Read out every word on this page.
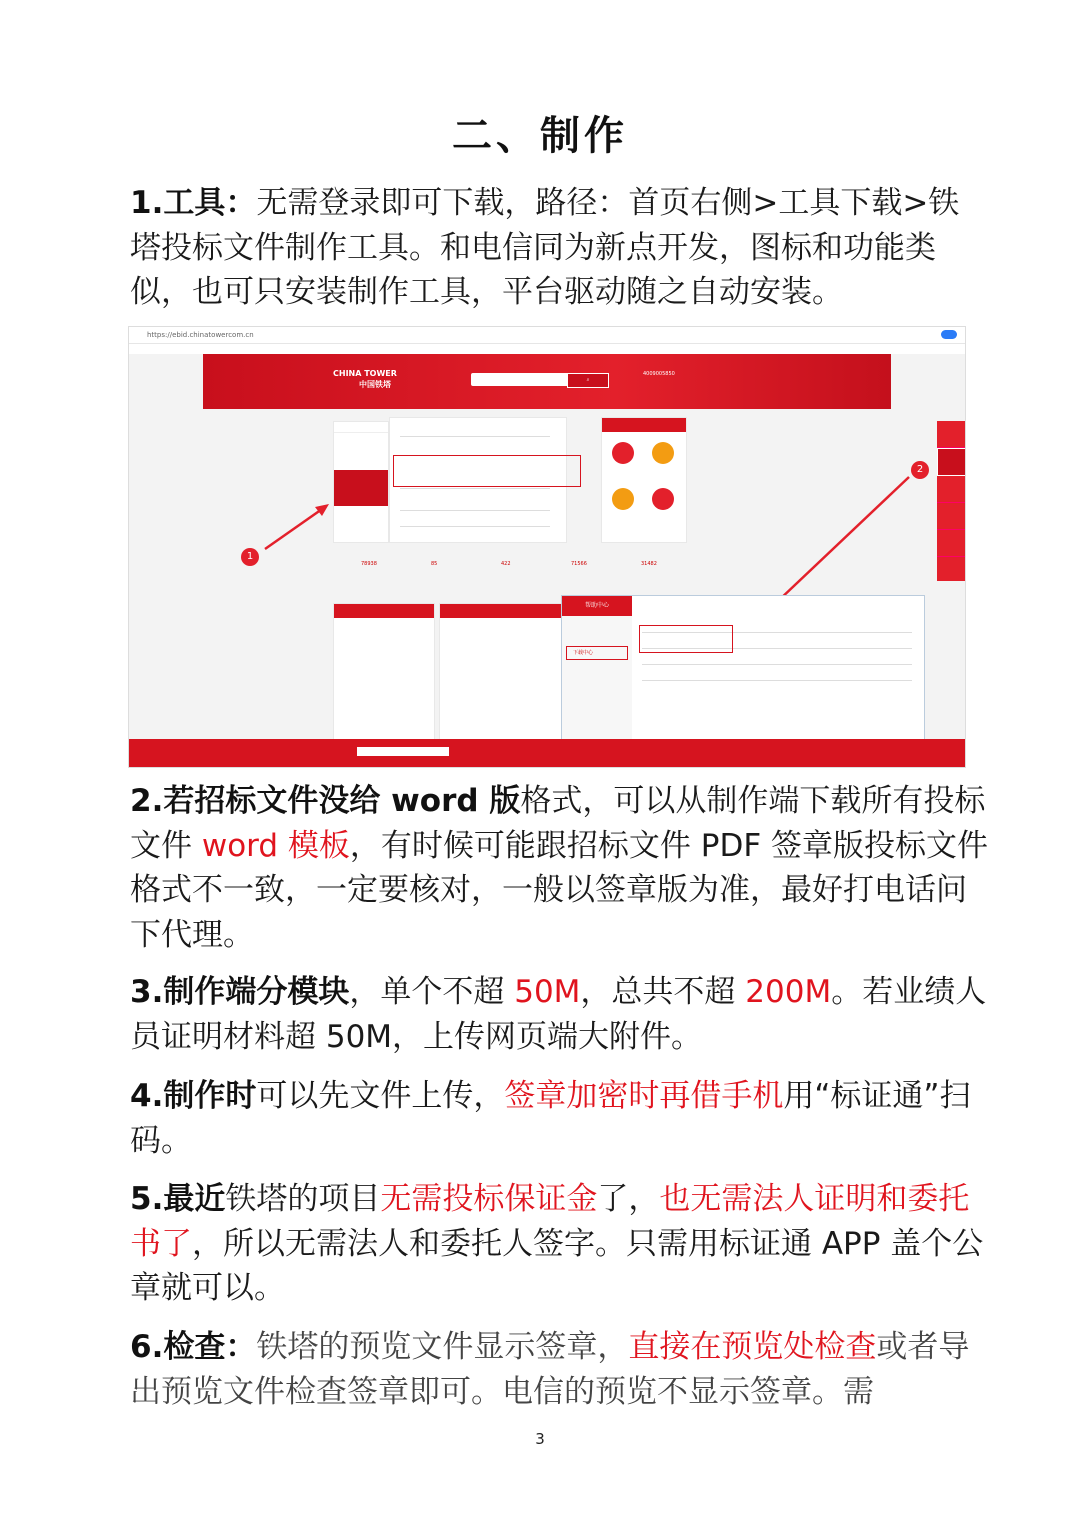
二、制作
1.工具：无需登录即可下载，路径：首页右侧>工具下载>铁塔投标文件制作工具。和电信同为新点开发，图标和功能类似，也可只安装制作工具，平台驱动随之自动安装。
https://ebid.chinatowercom.cn
CHINA TOWER
中国铁塔	⌕
4009005850
1
2
78938	85	422	71566	31482
帮助中心
下载中心
2.若招标文件没给 word 版格式，可以从制作端下载所有投标文件 word 模板，有时候可能跟招标文件 PDF 签章版投标文件格式不一致，一定要核对，一般以签章版为准，最好打电话问下代理。
3.制作端分模块，单个不超 50M，总共不超 200M。若业绩人员证明材料超 50M，上传网页端大附件。
4.制作时可以先文件上传，签章加密时再借手机用“标证通”扫码。
5.最近铁塔的项目无需投标保证金了，也无需法人证明和委托书了，所以无需法人和委托人签字。只需用标证通 APP 盖个公章就可以。
6.检查：铁塔的预览文件显示签章，直接在预览处检查或者导出预览文件检查签章即可。电信的预览不显示签章。需
3
